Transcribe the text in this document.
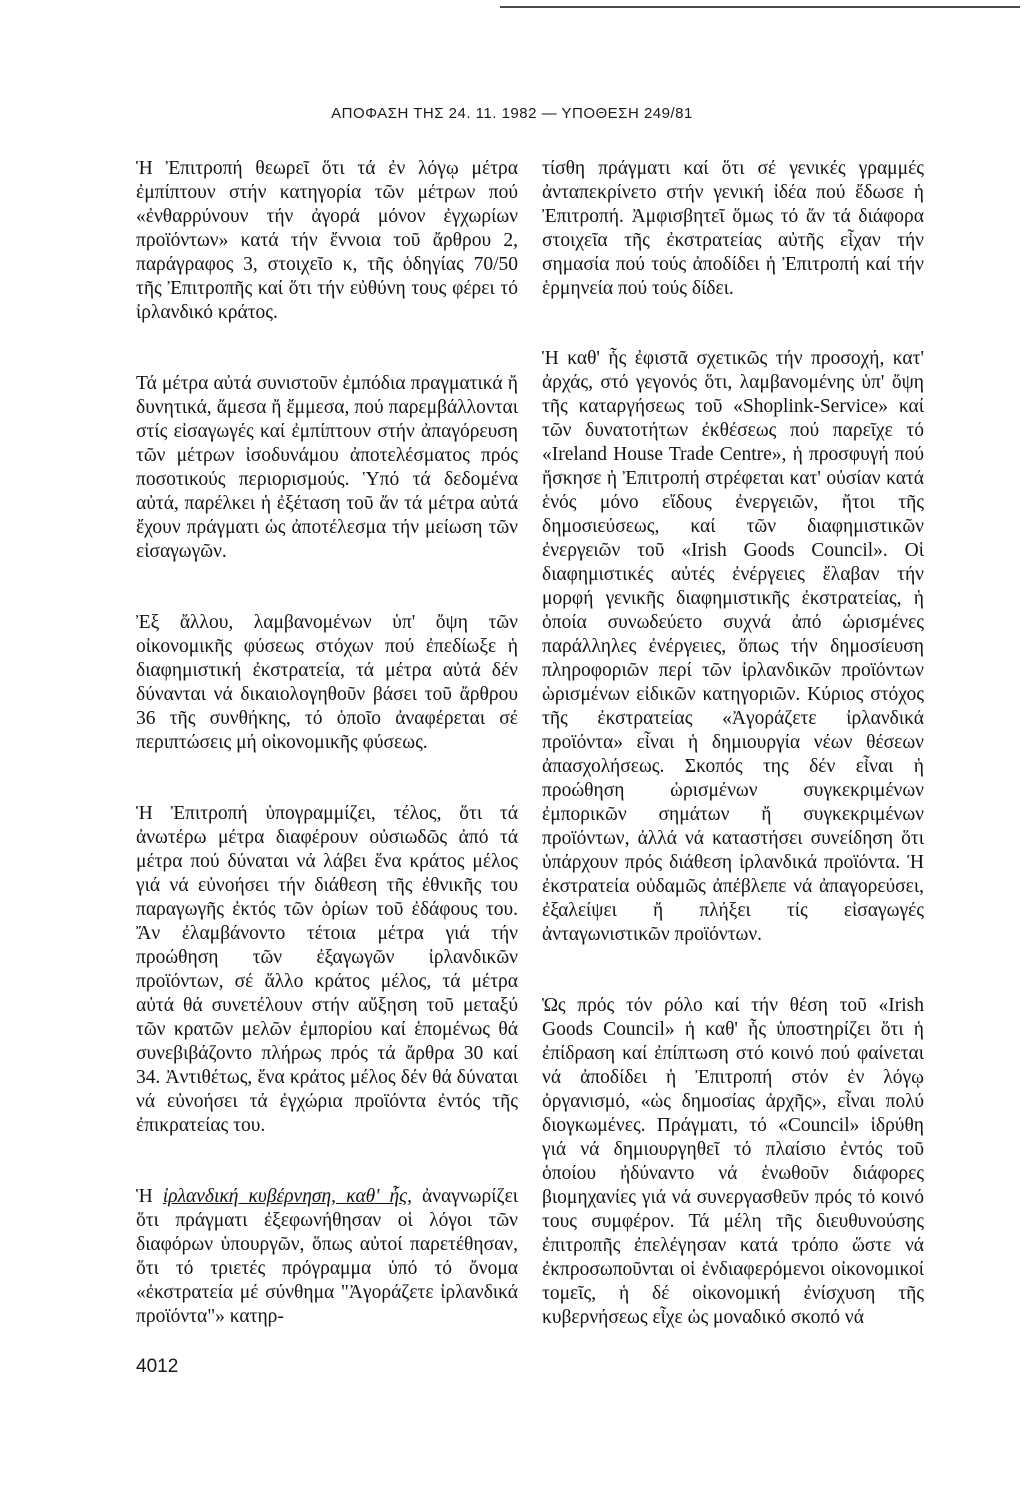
ΑΠΟΦΑΣΗ ΤΗΣ 24. 11. 1982 — ΥΠΟΘΕΣΗ 249/81

Ἡ Ἐπιτροπή θεωρεῖ ὅτι τά ἐν λόγῳ μέτρα ἐμπίπτουν στήν κατηγορία τῶν μέτρων πού «ἐνθαρρύνουν τήν ἀγορά μόνον ἐγχωρίων προϊόντων» κατά τήν ἔννοια τοῦ ἄρθρου 2, παράγραφος 3, στοιχεῖο κ, τῆς ὁδηγίας 70/50 τῆς Ἐπιτροπῆς καί ὅτι τήν εὐθύνη τους φέρει τό ἰρλανδικό κράτος.

Τά μέτρα αὐτά συνιστοῦν ἐμπόδια πραγματικά ἤ δυνητικά, ἄμεσα ἤ ἔμμεσα, πού παρεμβάλλονται στίς εἰσαγωγές καί ἐμπίπτουν στήν ἀπαγόρευση τῶν μέτρων ἰσοδυνάμου ἀποτελέσματος πρός ποσοτικούς περιορισμούς. Ὑπό τά δεδομένα αὐτά, παρέλκει ἡ ἐξέταση τοῦ ἄν τά μέτρα αὐτά ἔχουν πράγματι ὡς ἀποτέλεσμα τήν μείωση τῶν εἰσαγωγῶν.

Ἐξ ἄλλου, λαμβανομένων ὑπ' ὄψη τῶν οἰκονομικῆς φύσεως στόχων πού ἐπεδίωξε ἡ διαφημιστική ἐκστρατεία, τά μέτρα αὐτά δέν δύνανται νά δικαιολογηθοῦν βάσει τοῦ ἄρθρου 36 τῆς συνθήκης, τό ὁποῖο ἀναφέρεται σέ περιπτώσεις μή οἰκονομικῆς φύσεως.

Ἡ Ἐπιτροπή ὑπογραμμίζει, τέλος, ὅτι τά ἀνωτέρω μέτρα διαφέρουν οὐσιωδῶς ἀπό τά μέτρα πού δύναται νά λάβει ἕνα κράτος μέλος γιά νά εὐνοήσει τήν διάθεση τῆς ἐθνικῆς του παραγωγῆς ἐκτός τῶν ὁρίων τοῦ ἐδάφους του. Ἄν ἐλαμβάνοντο τέτοια μέτρα γιά τήν προώθηση τῶν ἐξαγωγῶν ἰρλανδικῶν προϊόντων, σέ ἄλλο κράτος μέλος, τά μέτρα αὐτά θά συνετέλουν στήν αὔξηση τοῦ μεταξύ τῶν κρατῶν μελῶν ἐμπορίου καί ἑπομένως θά συνεβιβάζοντο πλήρως πρός τά ἄρθρα 30 καί 34. Ἀντιθέτως, ἕνα κράτος μέλος δέν θά δύναται νά εὐνοήσει τά ἐγχώρια προϊόντα ἐντός τῆς ἐπικρατείας του.

Ἡ ἰρλανδική κυβέρνηση, καθ' ἧς, ἀναγνωρίζει ὅτι πράγματι ἐξεφωνήθησαν οἱ λόγοι τῶν διαφόρων ὑπουργῶν, ὅπως αὐτοί παρετέθησαν, ὅτι τό τριετές πρόγραμμα ὑπό τό ὄνομα «ἐκστρατεία μέ σύνθημα "Ἀγοράζετε ἰρλανδικά προϊόντα"» κατηρ-

τίσθη πράγματι καί ὅτι σέ γενικές γραμμές ἀνταπεκρίνετο στήν γενική ἰδέα πού ἔδωσε ἡ Ἐπιτροπή. Ἀμφισβητεῖ ὅμως τό ἄν τά διάφορα στοιχεῖα τῆς ἐκστρατείας αὐτῆς εἶχαν τήν σημασία πού τούς ἀποδίδει ἡ Ἐπιτροπή καί τήν ἑρμηνεία πού τούς δίδει.

Ἡ καθ' ἧς ἐφιστᾶ σχετικῶς τήν προσοχή, κατ' ἀρχάς, στό γεγονός ὅτι, λαμβανομένης ὑπ' ὄψη τῆς καταργήσεως τοῦ «Shoplink-Service» καί τῶν δυνατοτήτων ἐκθέσεως πού παρεῖχε τό «Ireland House Trade Centre», ἡ προσφυγή πού ἤσκησε ἡ Ἐπιτροπή στρέφεται κατ' οὐσίαν κατά ἑνός μόνο εἴδους ἐνεργειῶν, ἤτοι τῆς δημοσιεύσεως, καί τῶν διαφημιστικῶν ἐνεργειῶν τοῦ «Irish Goods Council». Οἱ διαφημιστικές αὐτές ἐνέργειες ἔλαβαν τήν μορφή γενικῆς διαφημιστικῆς ἐκστρατείας, ἡ ὁποία συνωδεύετο συχνά ἀπό ὡρισμένες παράλληλες ἐνέργειες, ὅπως τήν δημοσίευση πληροφοριῶν περί τῶν ἰρλανδικῶν προϊόντων ὡρισμένων εἰδικῶν κατηγοριῶν. Κύριος στόχος τῆς ἐκστρατείας «Ἀγοράζετε ἰρλανδικά προϊόντα» εἶναι ἡ δημιουργία νέων θέσεων ἀπασχολήσεως. Σκοπός της δέν εἶναι ἡ προώθηση ὡρισμένων συγκεκριμένων ἐμπορικῶν σημάτων ἤ συγκεκριμένων προϊόντων, ἀλλά νά καταστήσει συνείδηση ὅτι ὑπάρχουν πρός διάθεση ἰρλανδικά προϊόντα. Ἡ ἐκστρατεία οὐδαμῶς ἀπέβλεπε νά ἀπαγορεύσει, ἐξαλείψει ἤ πλήξει τίς εἰσαγωγές ἀνταγωνιστικῶν προϊόντων.

Ὡς πρός τόν ρόλο καί τήν θέση τοῦ «Irish Goods Council» ἡ καθ' ἧς ὑποστηρίζει ὅτι ἡ ἐπίδραση καί ἐπίπτωση στό κοινό πού φαίνεται νά ἀποδίδει ἡ Ἐπιτροπή στόν ἐν λόγῳ ὀργανισμό, «ὡς δημοσίας ἀρχῆς», εἶναι πολύ διογκωμένες. Πράγματι, τό «Council» ἱδρύθη γιά νά δημιουργηθεῖ τό πλαίσιο ἐντός τοῦ ὁποίου ἠδύναντο νά ἑνωθοῦν διάφορες βιομηχανίες γιά νά συνεργασθεῦν πρός τό κοινό τους συμφέρον. Τά μέλη τῆς διευθυνούσης ἐπιτροπῆς ἐπελέγησαν κατά τρόπο ὥστε νά ἐκπροσωποῦνται οἱ ἐνδιαφερόμενοι οἰκονομικοί τομεῖς, ἡ δέ οἰκονομική ἐνίσχυση τῆς κυβερνήσεως εἶχε ὡς μοναδικό σκοπό νά

4012
